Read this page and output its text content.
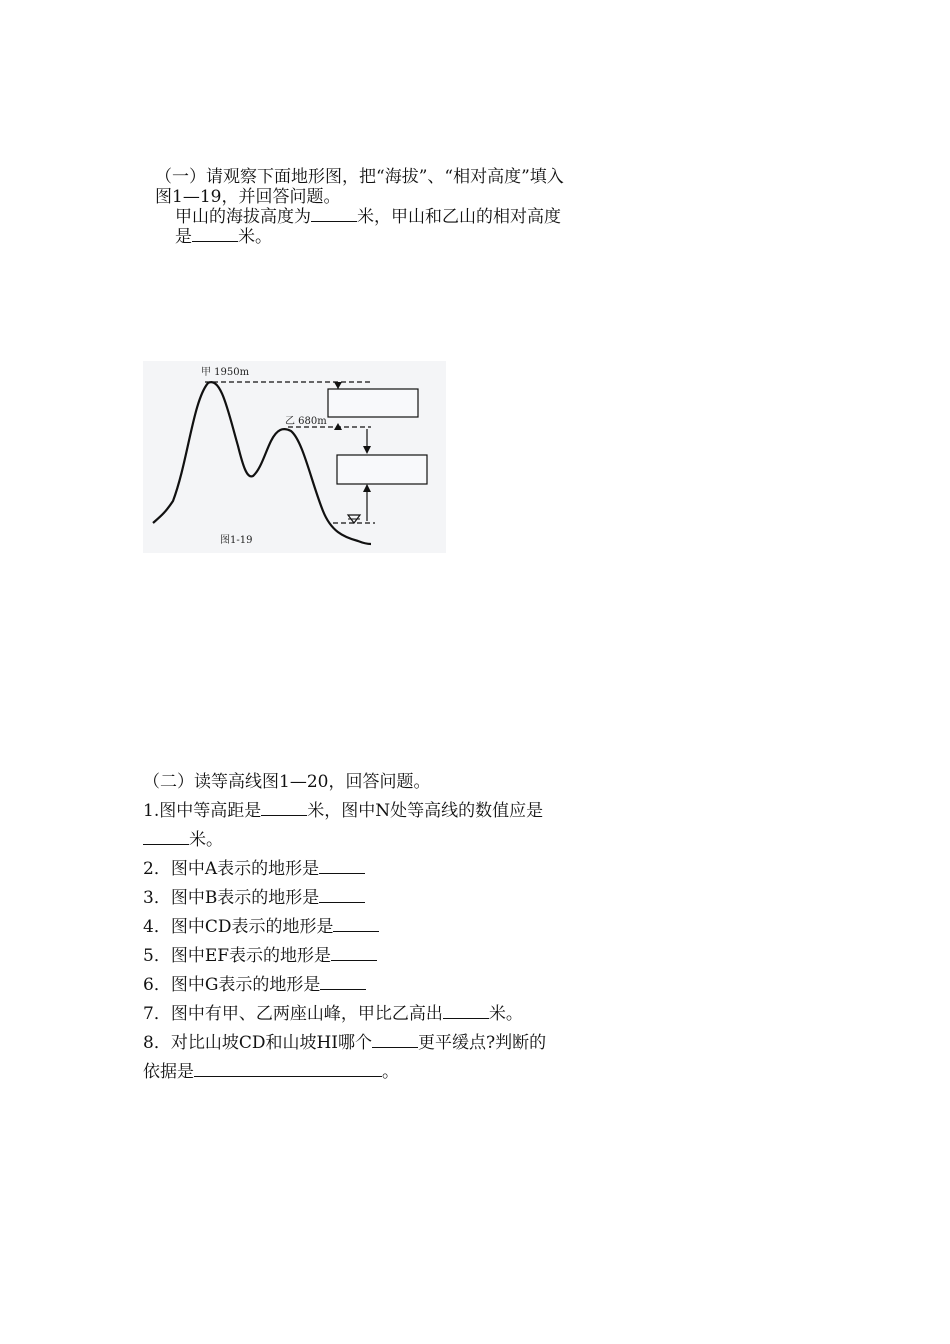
（一）请观察下面地形图，把“海拔”、“相对高度”填入图1—19，并回答问题。

甲山的海拔高度为	米，甲山和乙山的相对高度是	米。

甲 1950m
乙 680m
图1-19

（二）读等高线图1—20，回答问题。

1.图中等高距是	米，图中N处等高线的数值应是米。

2．图中A表示的地形是

3．图中B表示的地形是

4．图中CD表示的地形是

5．图中EF表示的地形是

6．图中G表示的地形是

7．图中有甲、乙两座山峰，甲比乙高出	米。

8．对比山坡CD和山坡HI哪个	更平缓点?判断的依据是	。
